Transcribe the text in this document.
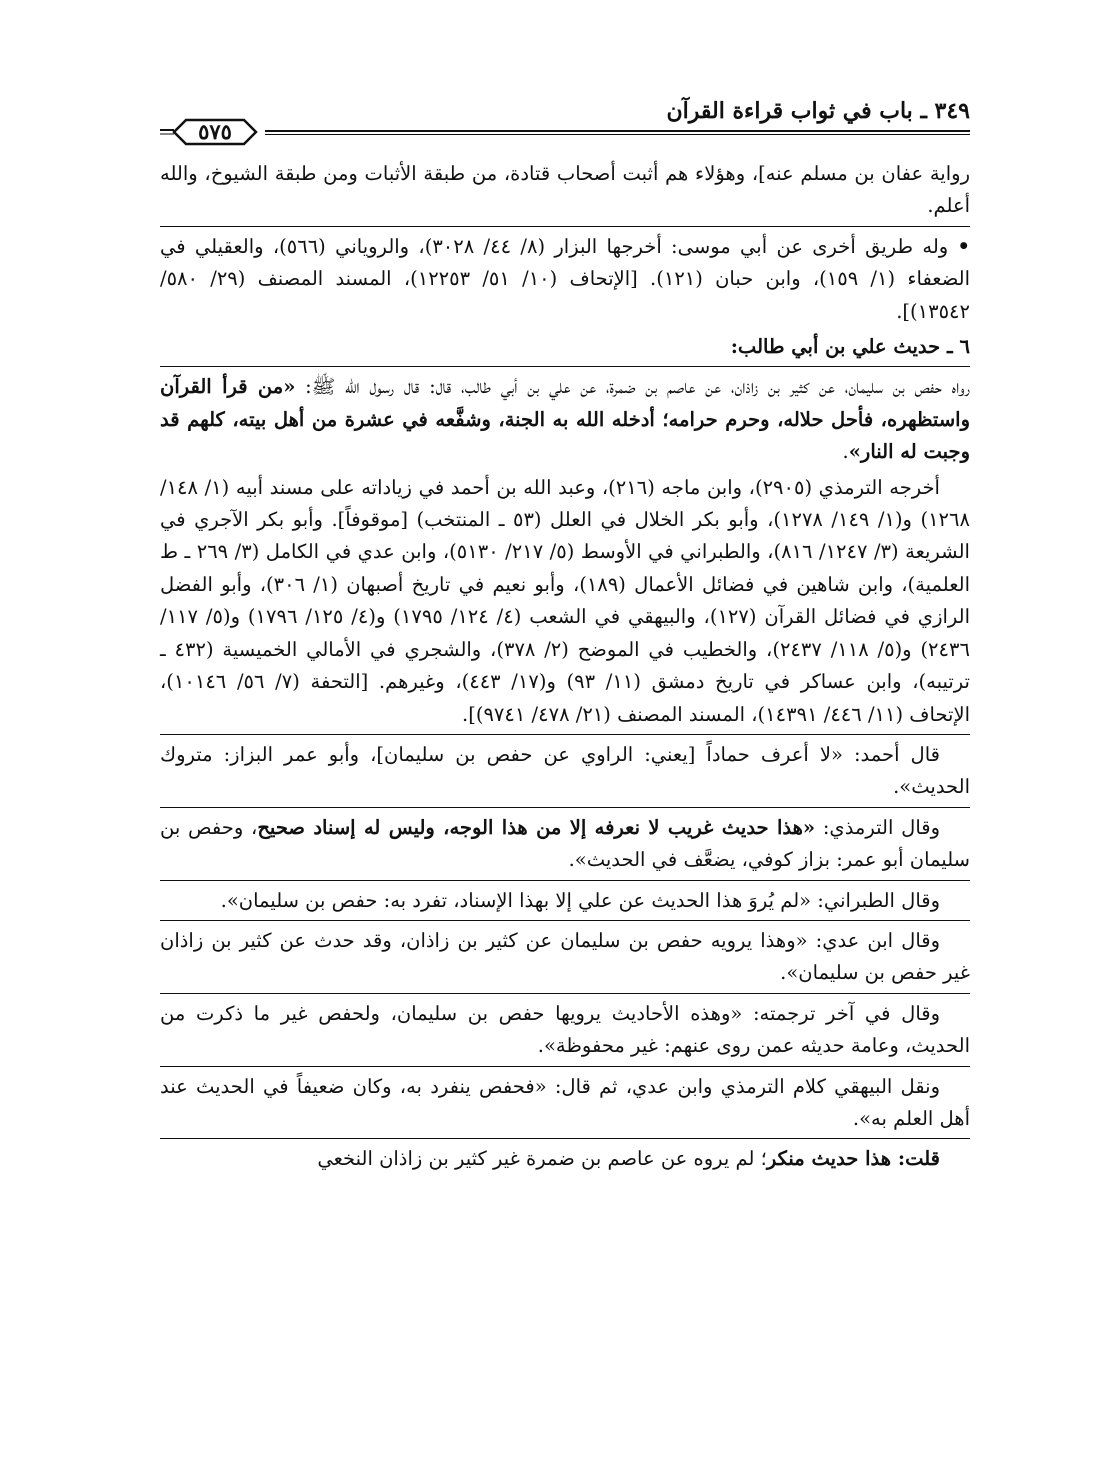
٣٤٩ ـ باب في ثواب قراءة القرآن
٥٧٥

رواية عفان بن مسلم عنه]، وهؤلاء هم أثبت أصحاب قتادة، من طبقة الأثبات ومن طبقة الشيوخ، والله أعلم.

• وله طريق أخرى عن أبي موسى: أخرجها البزار (٨/ ٤٤/ ٣٠٢٨)، والروياني (٥٦٦)، والعقيلي في الضعفاء (١/ ١٥٩)، وابن حبان (١٢١). [الإتحاف (١٠/ ٥١/ ١٢٢٥٣)، المسند المصنف (٢٩/ ٥٨٠/ ١٣٥٤٢)].

٦ ـ حديث علي بن أبي طالب:

رواه حفص بن سليمان، عن كثير بن زاذان، عن عاصم بن ضمرة، عن علي بن أبي طالب، قال: قال رسول الله ﷺ: «من قرأ القرآن واستظهره، فأحل حلاله، وحرم حرامه؛ أدخله الله به الجنة، وشفَّعه في عشرة من أهل بيته، كلهم قد وجبت له النار».

أخرجه الترمذي (٢٩٠٥)، وابن ماجه (٢١٦)، وعبد الله بن أحمد في زياداته على مسند أبيه (١/ ١٤٨/ ١٢٦٨) و(١/ ١٤٩/ ١٢٧٨)، وأبو بكر الخلال في العلل (٥٣ ـ المنتخب) [موقوفاً]. وأبو بكر الآجري في الشريعة (٣/ ١٢٤٧/ ٨١٦)، والطبراني في الأوسط (٥/ ٢١٧/ ٥١٣٠)، وابن عدي في الكامل (٣/ ٢٦٩ ـ ط العلمية)، وابن شاهين في فضائل الأعمال (١٨٩)، وأبو نعيم في تاريخ أصبهان (١/ ٣٠٦)، وأبو الفضل الرازي في فضائل القرآن (١٢٧)، والبيهقي في الشعب (٤/ ١٢٤/ ١٧٩٥) و(٤/ ١٢٥/ ١٧٩٦) و(٥/ ١١٧/ ٢٤٣٦) و(٥/ ١١٨/ ٢٤٣٧)، والخطيب في الموضح (٢/ ٣٧٨)، والشجري في الأمالي الخميسية (٤٣٢ ـ ترتيبه)، وابن عساكر في تاريخ دمشق (١١/ ٩٣) و(١٧/ ٤٤٣)، وغيرهم. [التحفة (٧/ ٥٦/ ١٠١٤٦)، الإتحاف (١١/ ٤٤٦/ ١٤٣٩١)، المسند المصنف (٢١/ ٤٧٨/ ٩٧٤١)].

قال أحمد: «لا أعرف حماداً [يعني: الراوي عن حفص بن سليمان]، وأبو عمر البزاز: متروك الحديث».

وقال الترمذي: «هذا حديث غريب لا نعرفه إلا من هذا الوجه، وليس له إسناد صحيح، وحفص بن سليمان أبو عمر: بزاز كوفي، يضعَّف في الحديث».

وقال الطبراني: «لم يُروَ هذا الحديث عن علي إلا بهذا الإسناد، تفرد به: حفص بن سليمان».

وقال ابن عدي: «وهذا يرويه حفص بن سليمان عن كثير بن زاذان، وقد حدث عن كثير بن زاذان غير حفص بن سليمان».

وقال في آخر ترجمته: «وهذه الأحاديث يرويها حفص بن سليمان، ولحفص غير ما ذكرت من الحديث، وعامة حديثه عمن روى عنهم: غير محفوظة».

ونقل البيهقي كلام الترمذي وابن عدي، ثم قال: «فحفص ينفرد به، وكان ضعيفاً في الحديث عند أهل العلم به».

قلت: هذا حديث منكر؛ لم يروه عن عاصم بن ضمرة غير كثير بن زاذان النخعي
